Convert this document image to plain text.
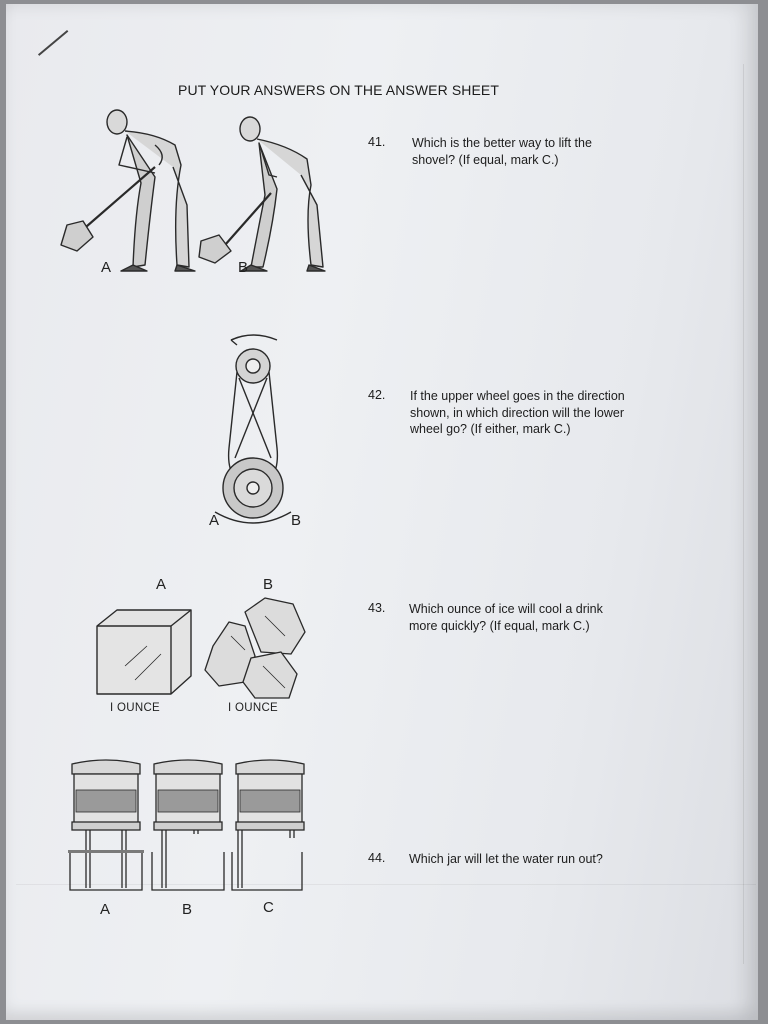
PUT YOUR ANSWERS ON THE ANSWER SHEET
A	B
41. Which is the better way to lift the shovel? (If equal, mark C.)
A	B
42. If the upper wheel goes in the direction shown, in which direction will the lower wheel go? (If either, mark C.)
A	B
I OUNCE	I OUNCE
43. Which ounce of ice will cool a drink more quickly? (If equal, mark C.)
A	B	C
44. Which jar will let the water run out?
